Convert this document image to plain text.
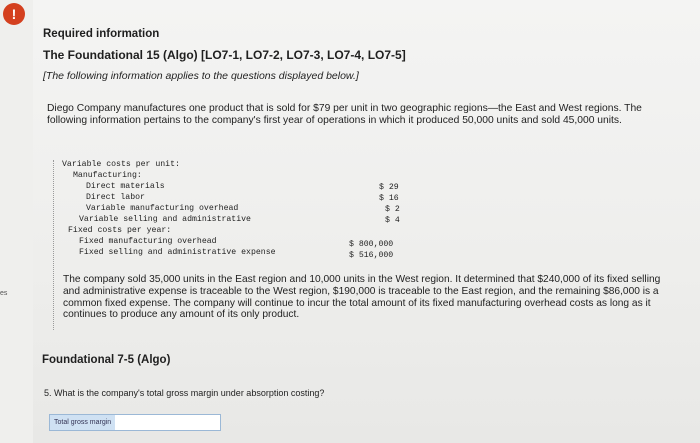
!
es
Required information
The Foundational 15 (Algo) [LO7-1, LO7-2, LO7-3, LO7-4, LO7-5]
[The following information applies to the questions displayed below.]
Diego Company manufactures one product that is sold for $79 per unit in two geographic regions—the East and West regions. The following information pertains to the company's first year of operations in which it produced 50,000 units and sold 45,000 units.
Variable costs per unit:
Manufacturing:
Direct materials	$ 29
Direct labor	$ 16
Variable manufacturing overhead	$ 2
Variable selling and administrative	$ 4
Fixed costs per year:
Fixed manufacturing overhead	$ 800,000
Fixed selling and administrative expense	$ 516,000
The company sold 35,000 units in the East region and 10,000 units in the West region. It determined that $240,000 of its fixed selling and administrative expense is traceable to the West region, $190,000 is traceable to the East region, and the remaining $86,000 is a common fixed expense. The company will continue to incur the total amount of its fixed manufacturing overhead costs as long as it continues to produce any amount of its only product.
Foundational 7-5 (Algo)
5. What is the company's total gross margin under absorption costing?
Total gross margin
